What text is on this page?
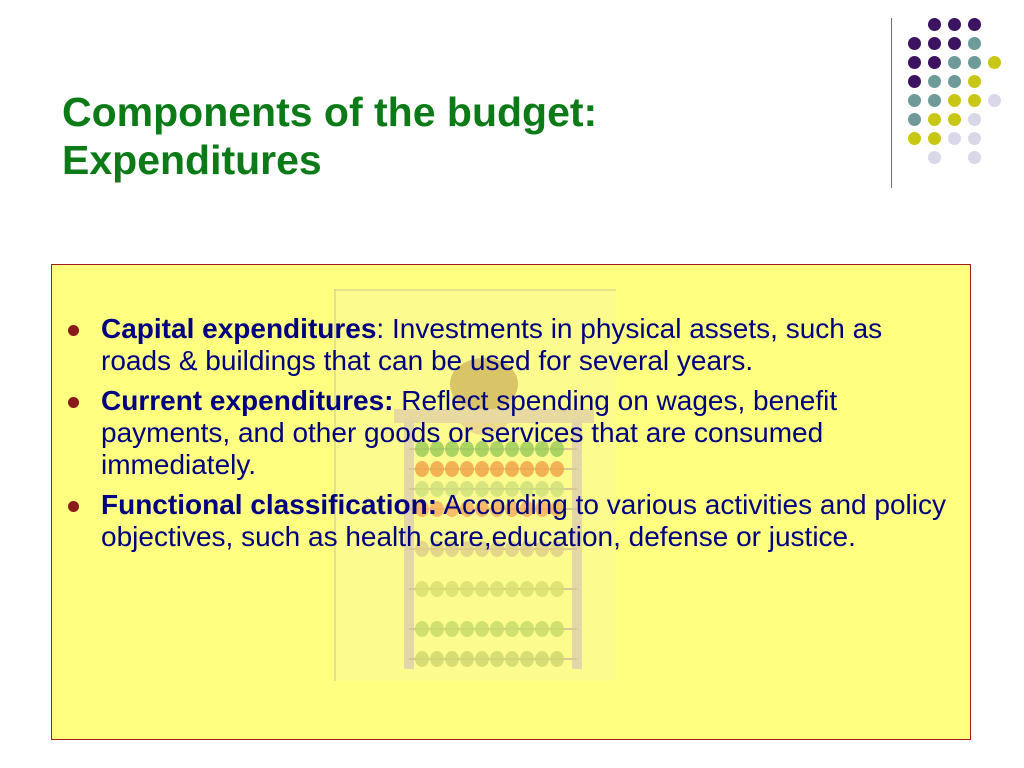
Components of the budget:
Expenditures
Capital expenditures: Investments in physical assets, such as roads & buildings that can be used for several years.
Current expenditures: Reflect spending on wages, benefit payments, and other goods or services that are consumed immediately.
Functional classification: According to various activities and policy objectives, such as health care,education, defense or justice.
